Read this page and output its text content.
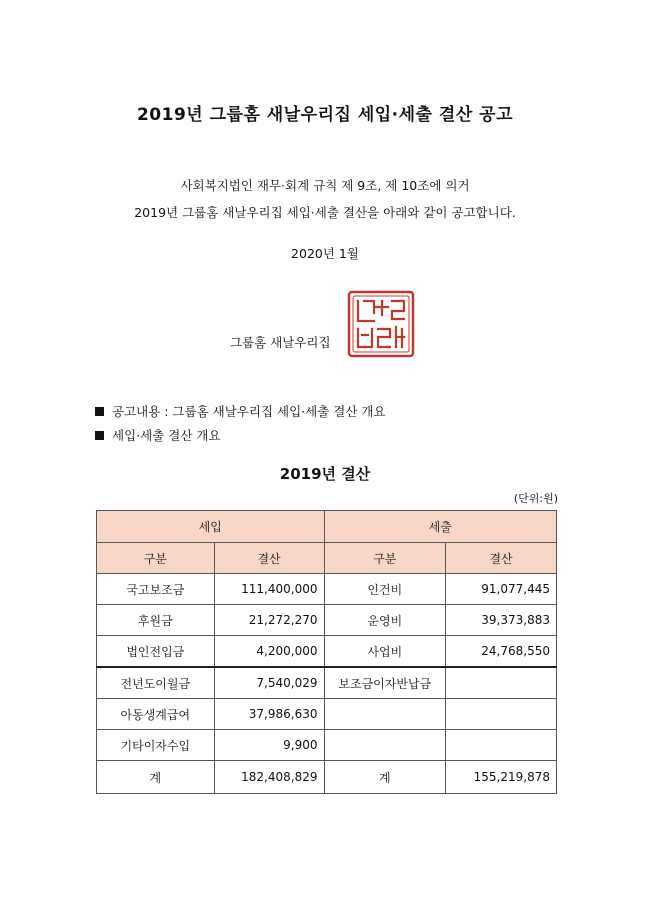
2019년 그룹홈 새날우리집 세입·세출 결산 공고
사회복지법인 재무·회계 규칙 제 9조, 제 10조에 의거
2019년 그룹홈 새날우리집 세입·세출 결산을 아래와 같이 공고합니다.
2020년 1월
그룹홈 새날우리집
공고내용 : 그룹홈 새날우리집 세입·세출 결산 개요
세입·세출 결산 개요
2019년 결산
(단위:원)
세입		세출	
구분	결산	구분	결산
국고보조금	111,400,000	인건비	91,077,445
후원금	21,272,270	운영비	39,373,883
법인전입금	4,200,000	사업비	24,768,550
전년도이월금	7,540,029	보조금이자반납금	
아동생계급여	37,986,630		
기타이자수입	9,900		
계	182,408,829	계	155,219,878
